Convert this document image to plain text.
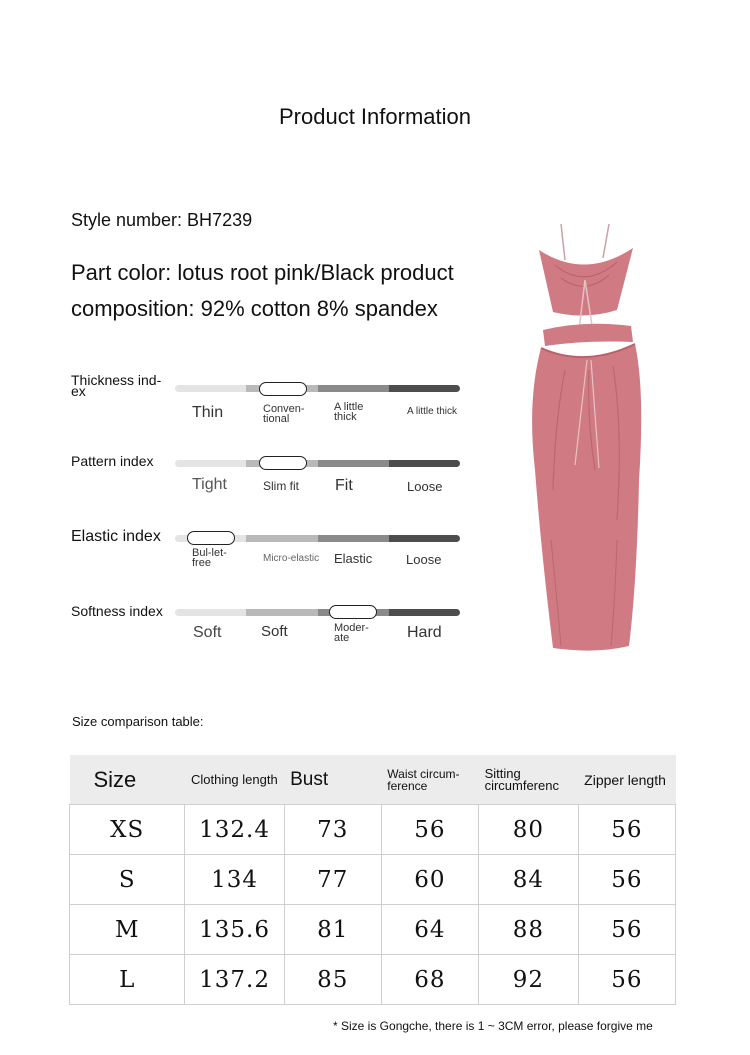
Product Information
Style number: BH7239
Part color: lotus root pink/Black product
composition: 92% cotton 8% spandex
Thickness ind-ex
Thin	Conven-tional
A little thick	A little thick
Pattern index
Tight	Slim fit Fit	Loose
Elastic index
Bul-let-free	Micro-elastic Elastic	Loose
Softness index
Soft	Soft	Moder-ate	Hard
Size comparison table:
Size	Clothing length	Bust	Waist circum-ference	Sitting circumferenc	Zipper length
XS	132.4	73	56	80	56
S	134	77	60	84	56
M	135.6	81	64	88	56
L	137.2	85	68	92	56
* Size is Gongche, there is 1 ~ 3CM error, please forgive me
